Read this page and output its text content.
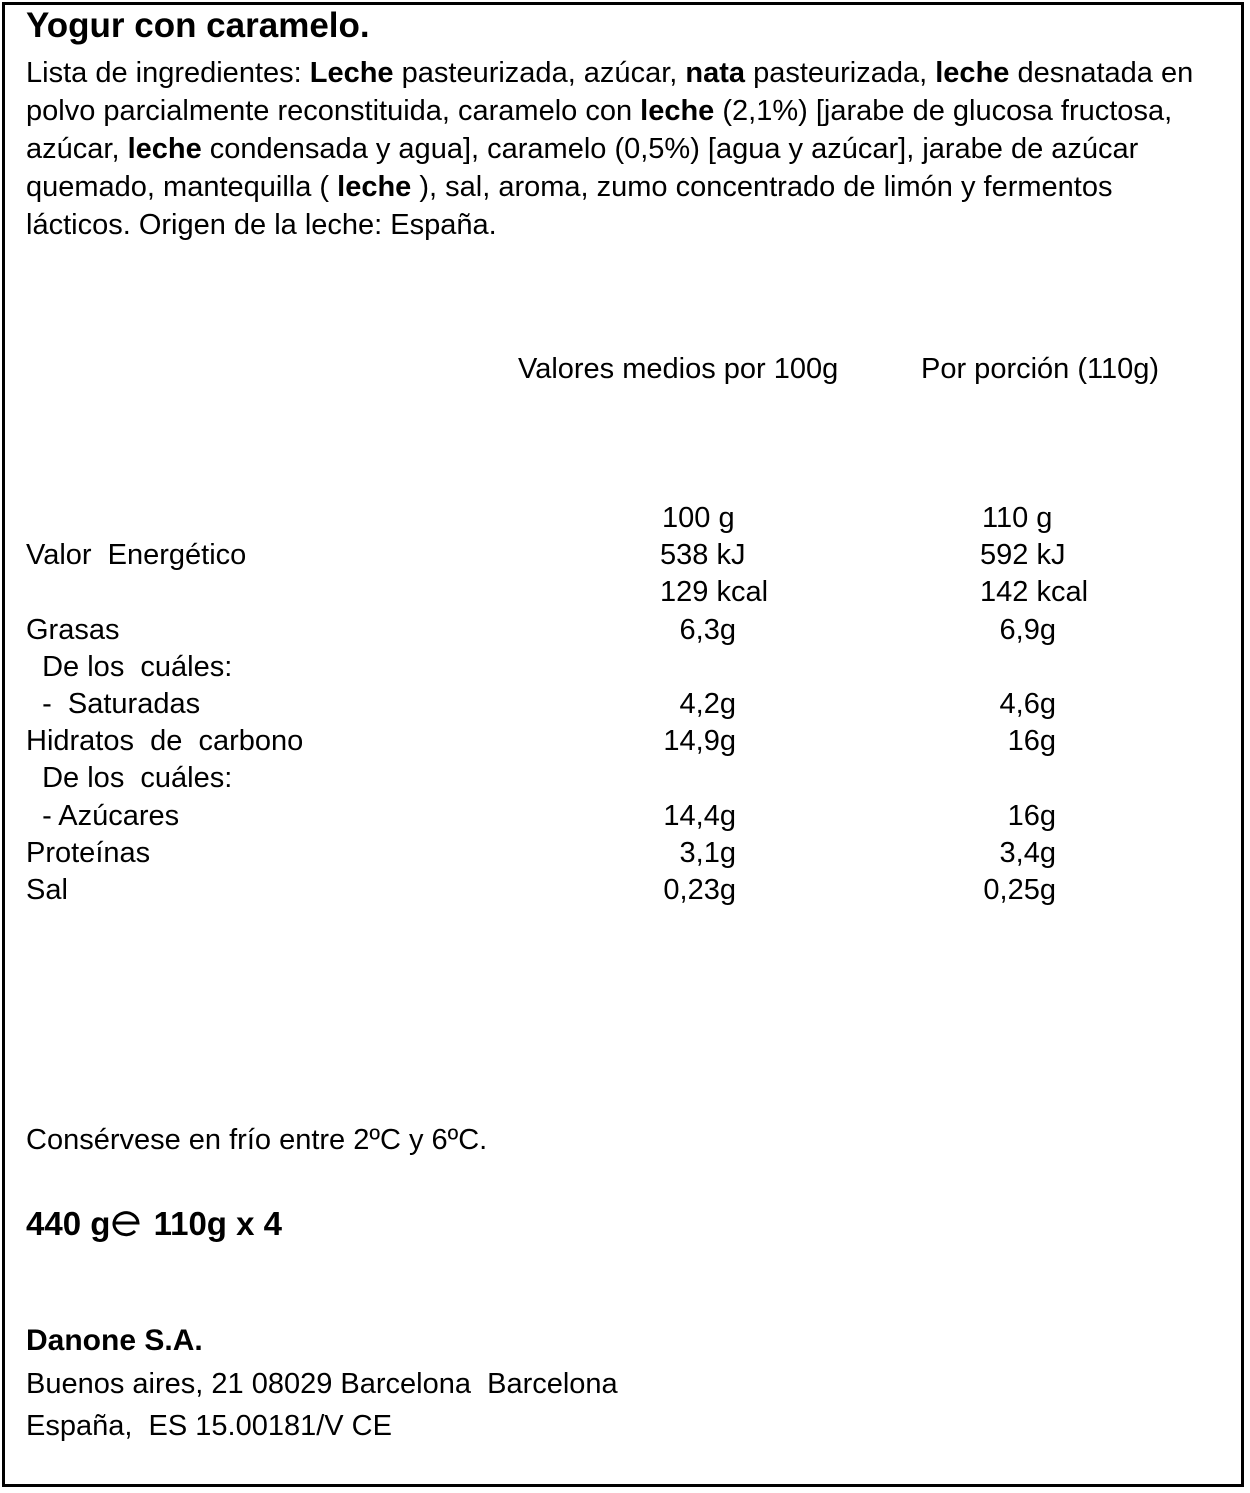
Yogur con caramelo.
Lista de ingredientes: Leche pasteurizada, azúcar, nata pasteurizada, leche desnatada en polvo parcialmente reconstituida, caramelo con leche (2,1%) [jarabe de glucosa fructosa, azúcar, leche condensada y agua], caramelo (0,5%) [agua y azúcar], jarabe de azúcar quemado, mantequilla ( leche ), sal, aroma, zumo concentrado de limón y fermentos lácticos. Origen de la leche: España.
Valores medios por 100g	Por porción (110g)
100 g	110 g
Valor  Energético	538 kJ	592 kJ
129 kcal	142 kcal
Grasas	6,3g	6,9g
De los  cuáles:
-  Saturadas	4,2g	4,6g
Hidratos  de  carbono	14,9g	16g
De los  cuáles:
- Azúcares	14,4g	16g
Proteínas	3,1g	3,4g
Sal	0,23g	0,25g
Consérvese en frío entre 2ºC y 6ºC.
440 g 110g x 4
Danone S.A.
Buenos aires, 21 08029 Barcelona  Barcelona
España,  ES 15.00181/V CE
